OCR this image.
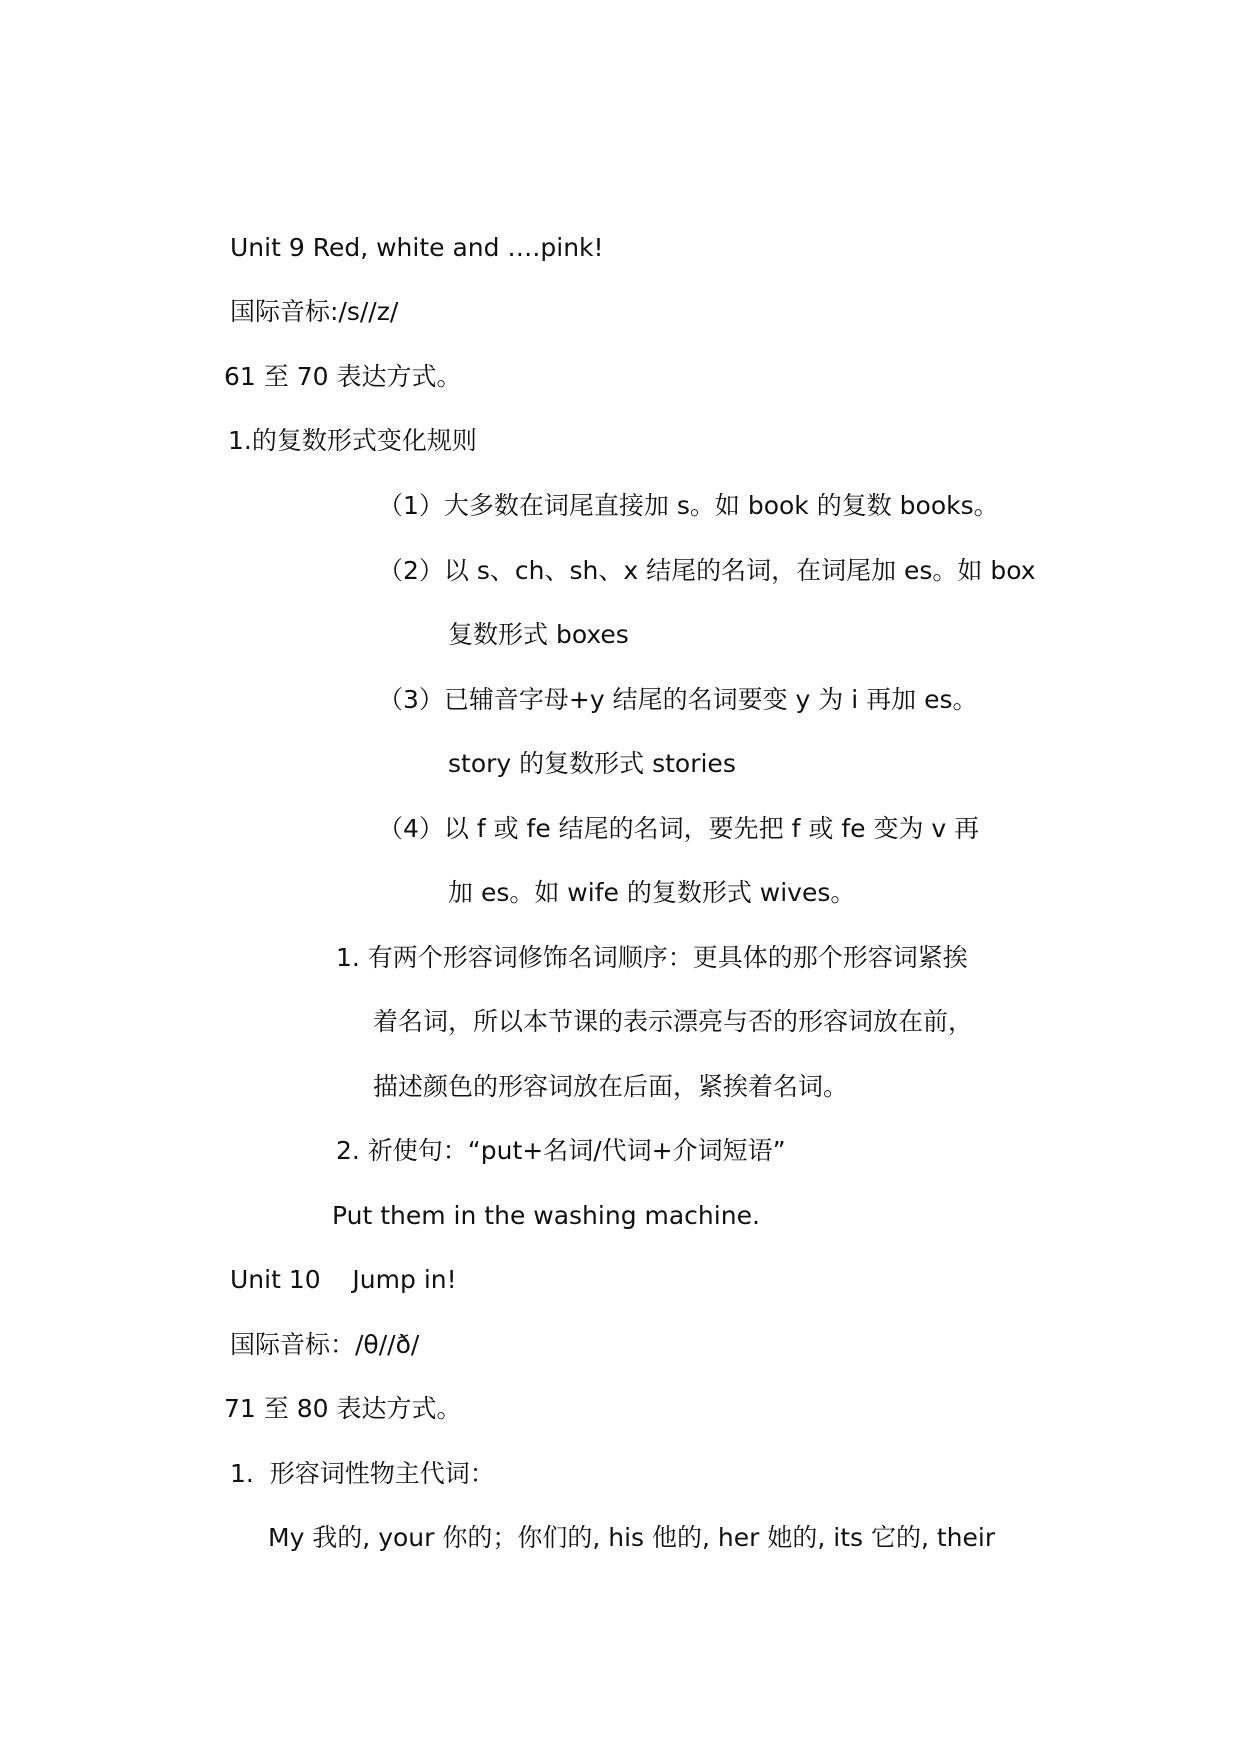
Unit 9 Red, white and ….pink!
国际音标:/s//z/
61 至 70 表达方式。
1.的复数形式变化规则
（1）大多数在词尾直接加 s。如 book 的复数 books。
（2）以 s、ch、sh、x 结尾的名词，在词尾加 es。如 box
复数形式 boxes
（3）已辅音字母+y 结尾的名词要变 y 为 i 再加 es。
story 的复数形式 stories
（4）以 f 或 fe 结尾的名词，要先把 f 或 fe 变为 v 再
加 es。如 wife 的复数形式 wives。
1. 有两个形容词修饰名词顺序：更具体的那个形容词紧挨
着名词，所以本节课的表示漂亮与否的形容词放在前，
描述颜色的形容词放在后面，紧挨着名词。
2. 祈使句：“put+名词/代词+介词短语”
Put them in the washing machine.
Unit 10    Jump in!
国际音标：/θ//ð/
71 至 80 表达方式。
1.  形容词性物主代词：
My 我的, your 你的；你们的, his 他的, her 她的, its 它的, their
